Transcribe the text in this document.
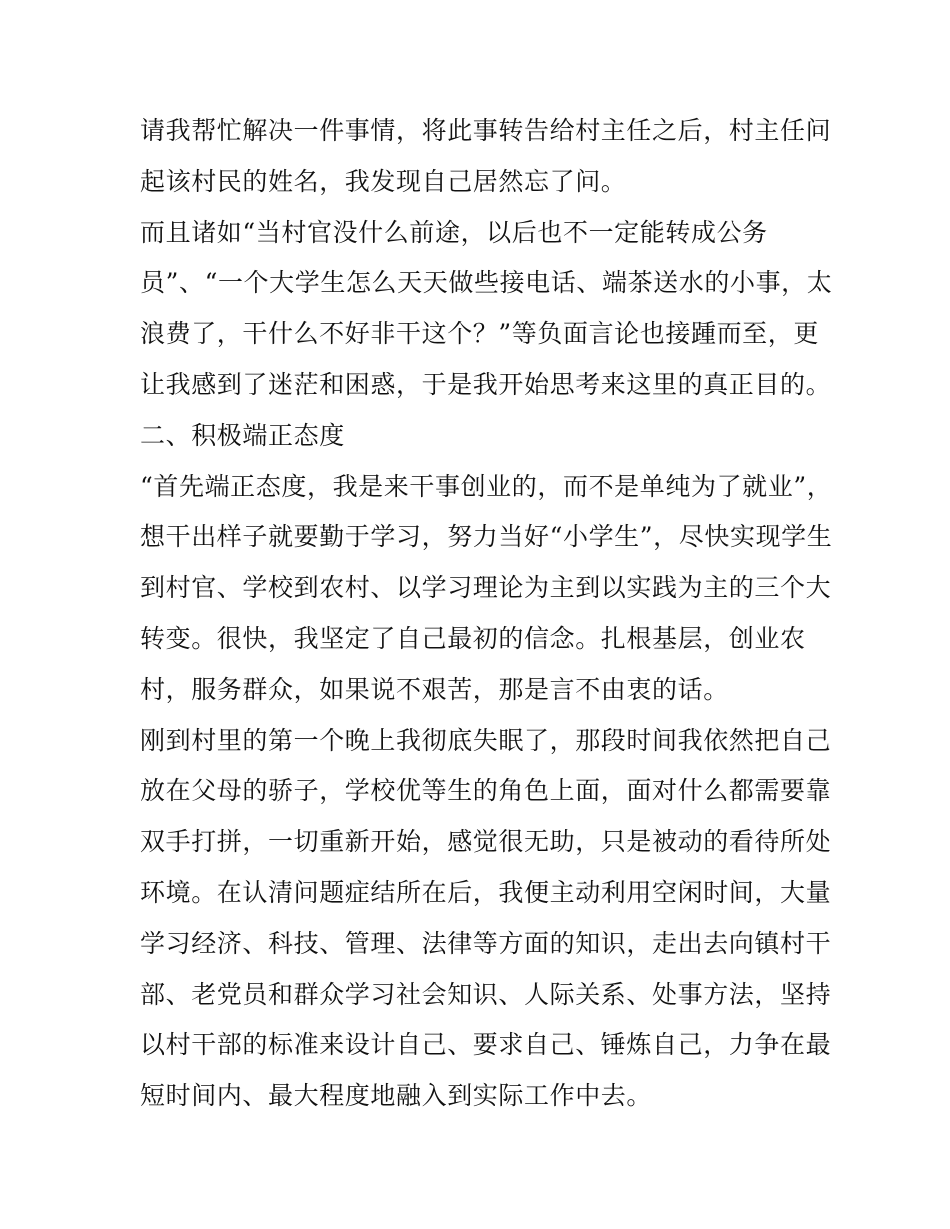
请我帮忙解决一件事情，将此事转告给村主任之后，村主任问
起该村民的姓名，我发现自己居然忘了问。
而且诸如“当村官没什么前途，以后也不一定能转成公务
员”、“一个大学生怎么天天做些接电话、端茶送水的小事，太
浪费了，干什么不好非干这个？”等负面言论也接踵而至，更
让我感到了迷茫和困惑，于是我开始思考来这里的真正目的。
二、积极端正态度
“首先端正态度，我是来干事创业的，而不是单纯为了就业”，
想干出样子就要勤于学习，努力当好“小学生”，尽快实现学生
到村官、学校到农村、以学习理论为主到以实践为主的三个大
转变。很快，我坚定了自己最初的信念。扎根基层，创业农
村，服务群众，如果说不艰苦，那是言不由衷的话。
刚到村里的第一个晚上我彻底失眠了，那段时间我依然把自己
放在父母的骄子，学校优等生的角色上面，面对什么都需要靠
双手打拼，一切重新开始，感觉很无助，只是被动的看待所处
环境。在认清问题症结所在后，我便主动利用空闲时间，大量
学习经济、科技、管理、法律等方面的知识，走出去向镇村干
部、老党员和群众学习社会知识、人际关系、处事方法，坚持
以村干部的标准来设计自己、要求自己、锤炼自己，力争在最
短时间内、最大程度地融入到实际工作中去。
